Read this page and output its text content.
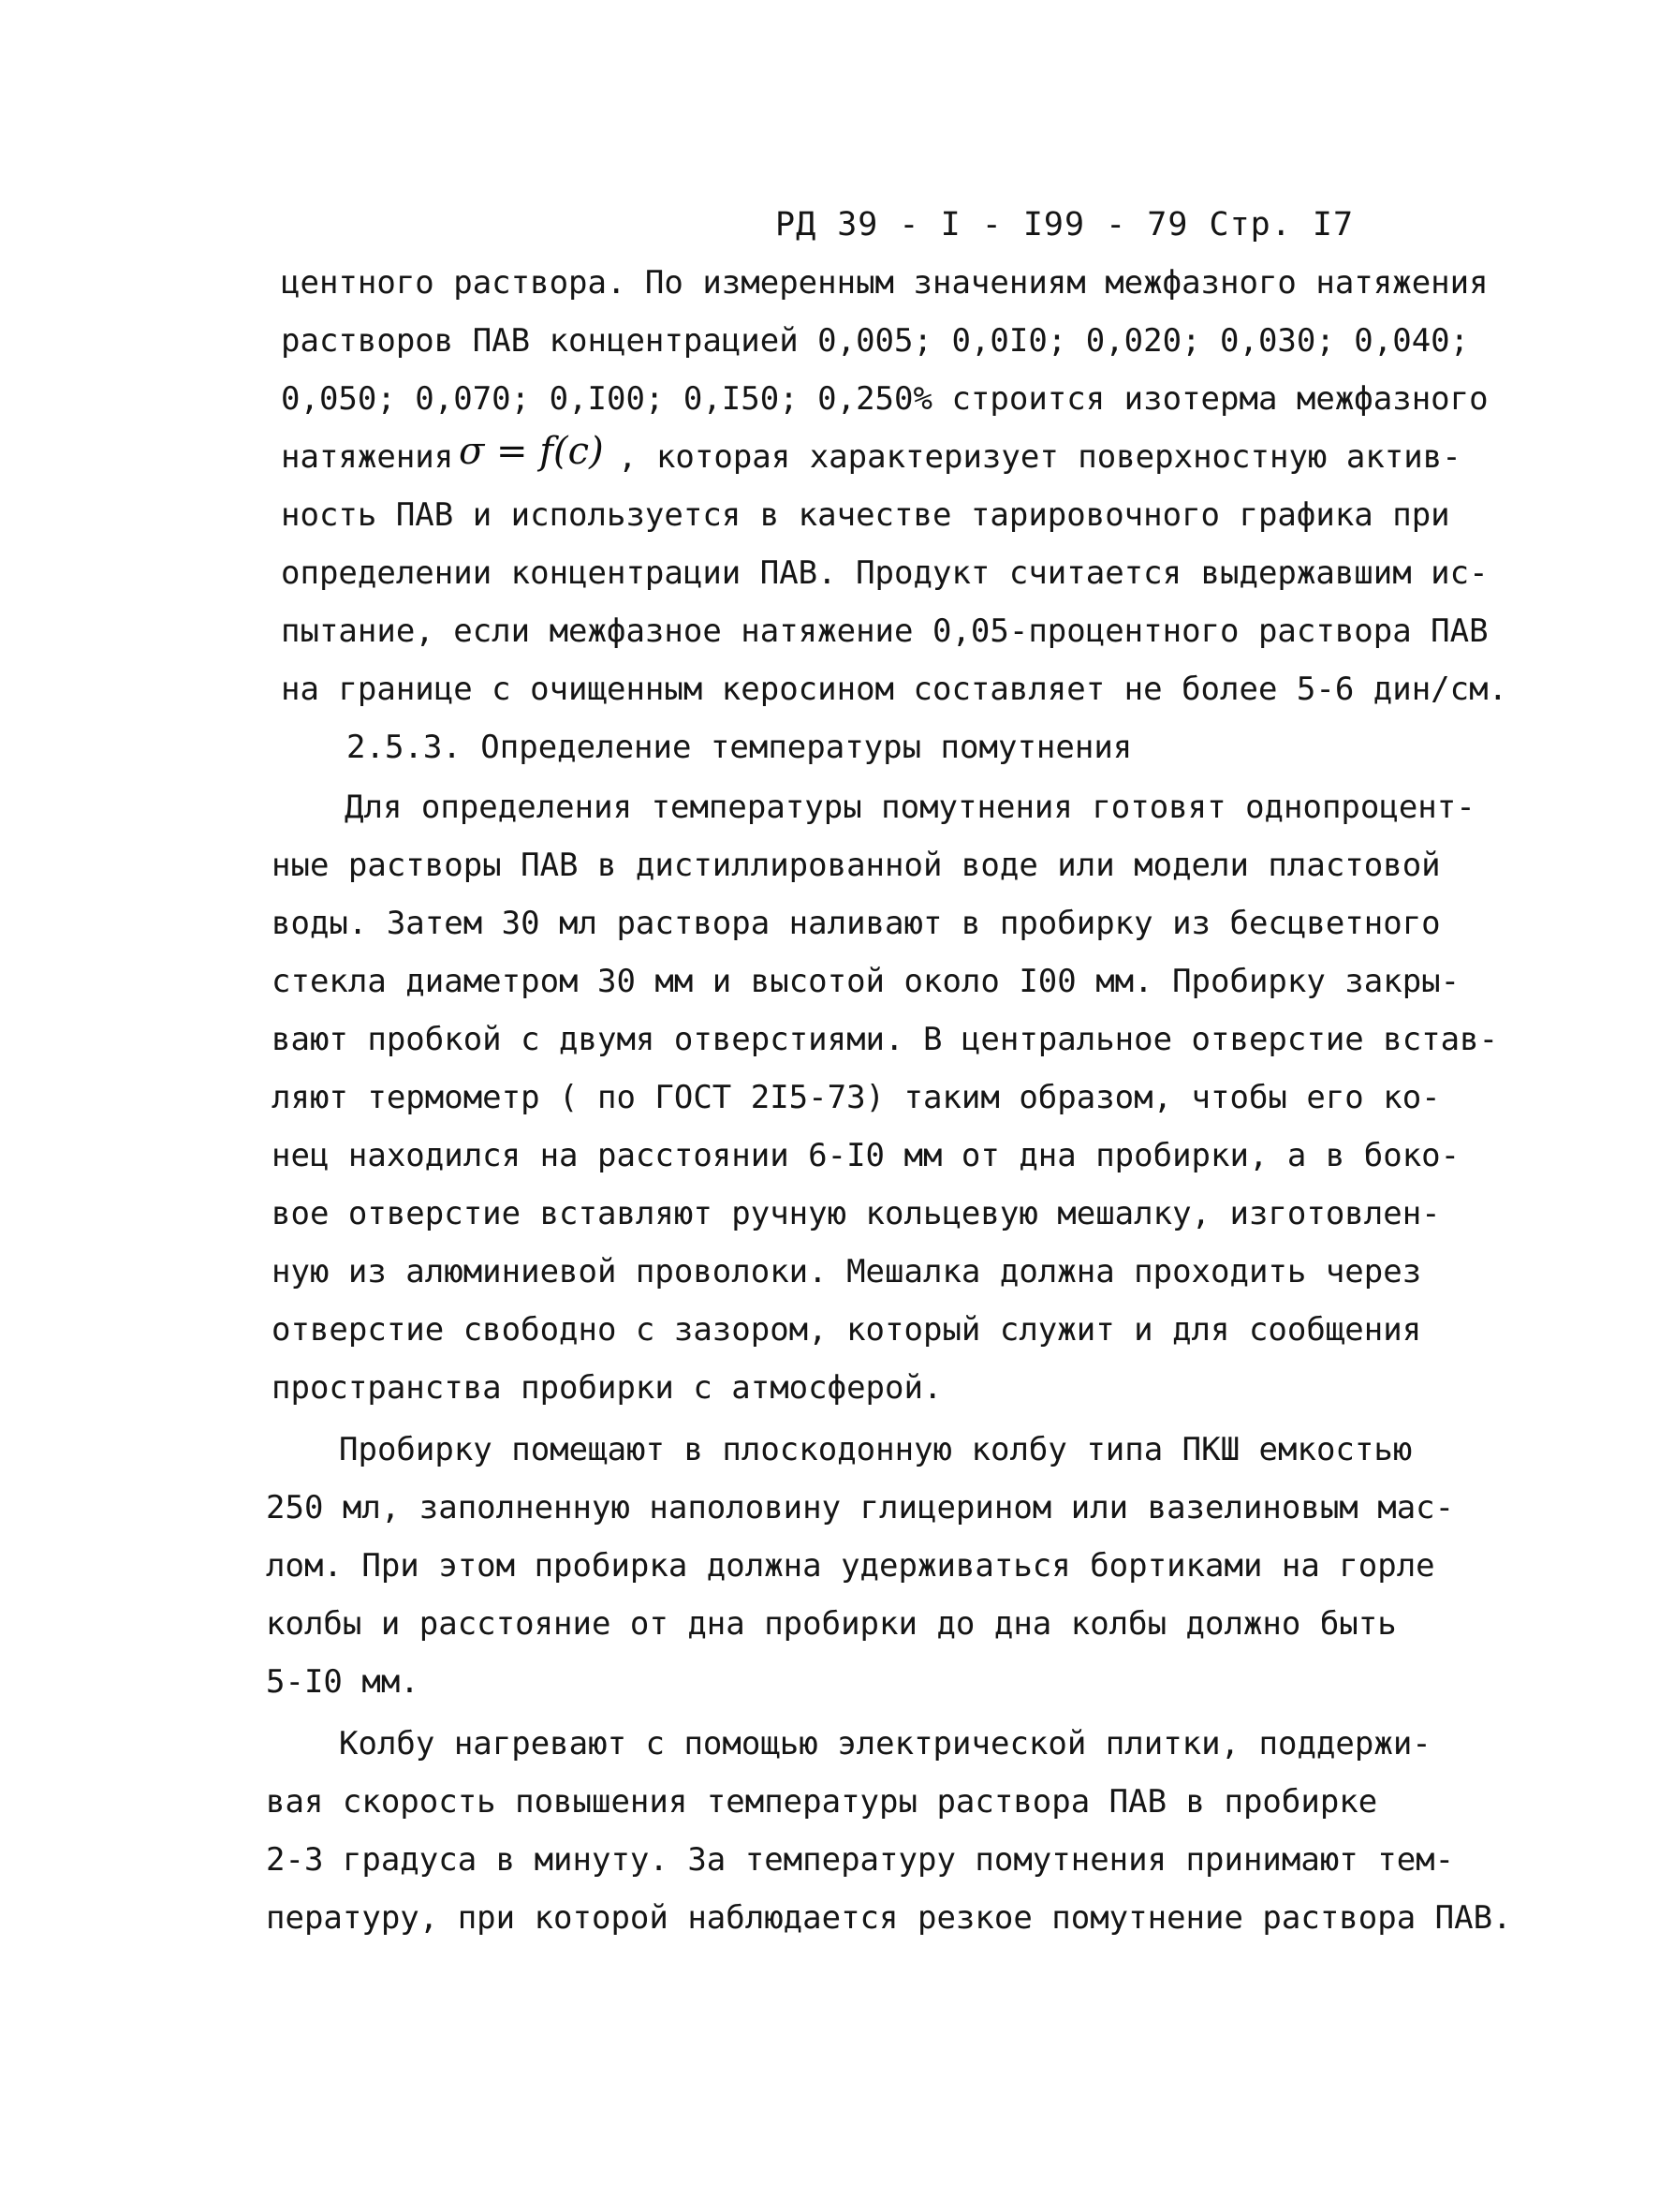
РД 39 - I - I99 - 79 Стр. I7
центного раствора. По измеренным значениям межфазного натяжения
растворов ПАВ концентрацией 0,005; 0,0I0; 0,020; 0,030; 0,040;
0,050; 0,070; 0,I00; 0,I50; 0,250% строится изотерма межфазного
натяжения σ = f(c) , которая характеризует поверхностную актив-
ность ПАВ и используется в качестве тарировочного графика при
определении концентрации ПАВ. Продукт считается выдержавшим ис-
пытание, если межфазное натяжение 0,05-процентного раствора ПАВ
на границе с очищенным керосином составляет не более 5-6 дин/см.
2.5.3. Определение температуры помутнения
Для определения температуры помутнения готовят однопроцент-
ные растворы ПАВ в дистиллированной воде или модели пластовой
воды. Затем 30 мл раствора наливают в пробирку из бесцветного
стекла диаметром 30 мм и высотой около I00 мм. Пробирку закры-
вают пробкой с двумя отверстиями. В центральное отверстие встав-
ляют термометр ( по ГОСТ 2I5-73) таким образом, чтобы его ко-
нец находился на расстоянии 6-I0 мм от дна пробирки, а в боко-
вое отверстие вставляют ручную кольцевую мешалку, изготовлен-
ную из алюминиевой проволоки. Мешалка должна проходить через
отверстие свободно с зазором, который служит и для сообщения
пространства пробирки с атмосферой.
Пробирку помещают в плоскодонную колбу типа ПКШ емкостью
250 мл, заполненную наполовину глицерином или вазелиновым мас-
лом. При этом пробирка должна удерживаться бортиками на горле
колбы и расстояние от дна пробирки до дна колбы должно быть
5-I0 мм.
Колбу нагревают с помощью электрической плитки, поддержи-
вая скорость повышения температуры раствора ПАВ в пробирке
2-3 градуса в минуту. За температуру помутнения принимают тем-
пературу, при которой наблюдается резкое помутнение раствора ПАВ.
